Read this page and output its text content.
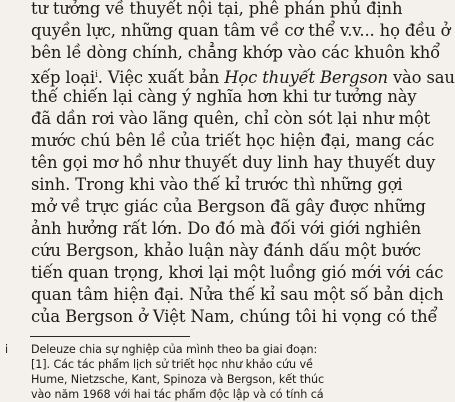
tư tưởng về thuyết nội tại, phê phán phủ định
quyền lực, những quan tâm về cơ thể v.v... họ đều ở
bên lề dòng chính, chẳng khớp vào các khuôn khổ
xếp loại$^i$. Việc xuất bản Học thuyết Bergson vào sau
thế chiến lại càng ý nghĩa hơn khi tư tưởng này
đã dần rơi vào lãng quên, chỉ còn sót lại như một
mước chú bên lề của triết học hiện đại, mang các
tên gọi mơ hồ như thuyết duy linh hay thuyết duy
sinh. Trong khi vào thế kỉ trước thì những gợi
mở về trực giác của Bergson đã gây được những
ảnh hưởng rất lớn. Do đó mà đối với giới nghiên
cứu Bergson, khảo luận này đánh dấu một bước
tiến quan trọng, khơi lại một luồng gió mới với các
quan tâm hiện đại. Nửa thế kỉ sau một số bản dịch
của Bergson ở Việt Nam, chúng tôi hi vọng có thể
i	Deleuze chia sự nghiệp của mình theo ba giai đoạn:
[1]. Các tác phẩm lịch sử triết học như khảo cứu về
Hume, Nietzsche, Kant, Spinoza và Bergson, kết thúc
vào năm 1968 với hai tác phẩm độc lập và có tính cá
